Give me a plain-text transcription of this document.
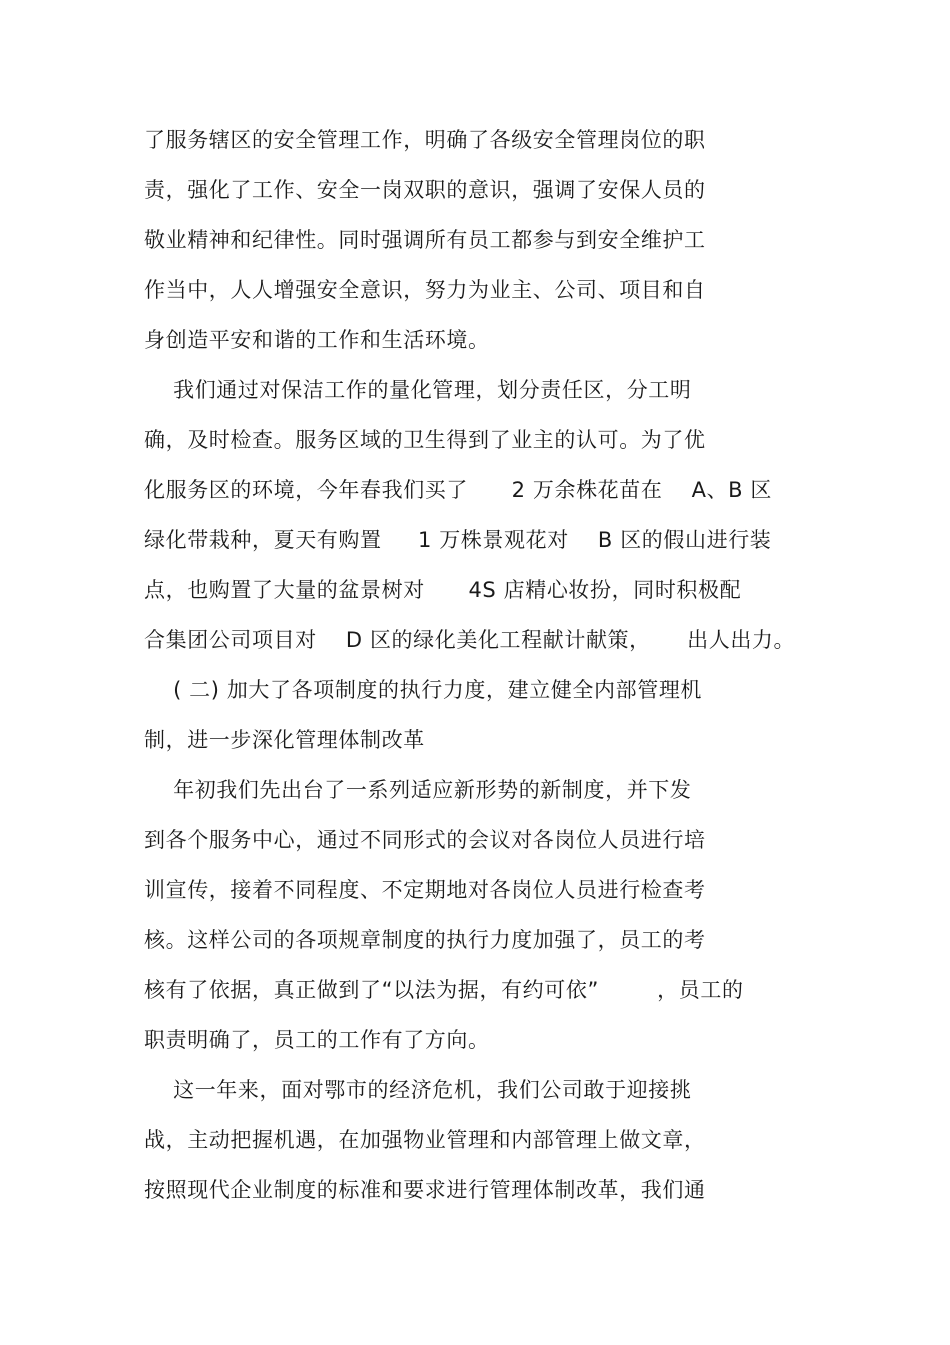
了服务辖区的安全管理工作，明确了各级安全管理岗位的职
责，强化了工作、安全一岗双职的意识，强调了安保人员的
敬业精神和纪律性。同时强调所有员工都参与到安全维护工
作当中，人人增强安全意识，努力为业主、公司、项目和自
身创造平安和谐的工作和生活环境。
我们通过对保洁工作的量化管理，划分责任区，分工明
确，及时检查。服务区域的卫生得到了业主的认可。为了优
化服务区的环境，今年春我们买了      2 万余株花苗在    A、B 区
绿化带栽种，夏天有购置     1 万株景观花对    B 区的假山进行装
点，也购置了大量的盆景树对      4S 店精心妆扮，同时积极配
合集团公司项目对    D 区的绿化美化工程献计献策，     出人出力。
( 二) 加大了各项制度的执行力度，建立健全内部管理机
制，进一步深化管理体制改革
年初我们先出台了一系列适应新形势的新制度，并下发
到各个服务中心，通过不同形式的会议对各岗位人员进行培
训宣传，接着不同程度、不定期地对各岗位人员进行检查考
核。这样公司的各项规章制度的执行力度加强了，员工的考
核有了依据，真正做到了“以法为据，有约可依”        ，员工的
职责明确了，员工的工作有了方向。
这一年来，面对鄂市的经济危机，我们公司敢于迎接挑
战，主动把握机遇，在加强物业管理和内部管理上做文章，
按照现代企业制度的标准和要求进行管理体制改革，我们通
